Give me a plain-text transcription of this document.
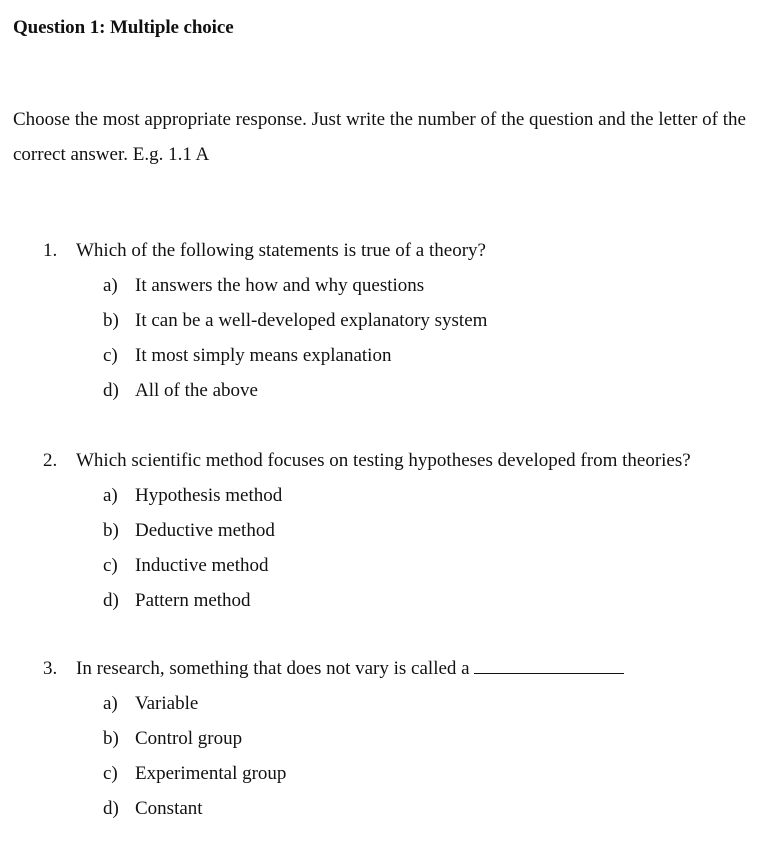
Question 1: Multiple choice
Choose the most appropriate response. Just write the number of the question and the letter of the correct answer. E.g. 1.1 A
1. Which of the following statements is true of a theory?
a) It answers the how and why questions
b) It can be a well-developed explanatory system
c) It most simply means explanation
d) All of the above
2. Which scientific method focuses on testing hypotheses developed from theories?
a) Hypothesis method
b) Deductive method
c) Inductive method
d) Pattern method
3. In research, something that does not vary is called a
a) Variable
b) Control group
c) Experimental group
d) Constant
